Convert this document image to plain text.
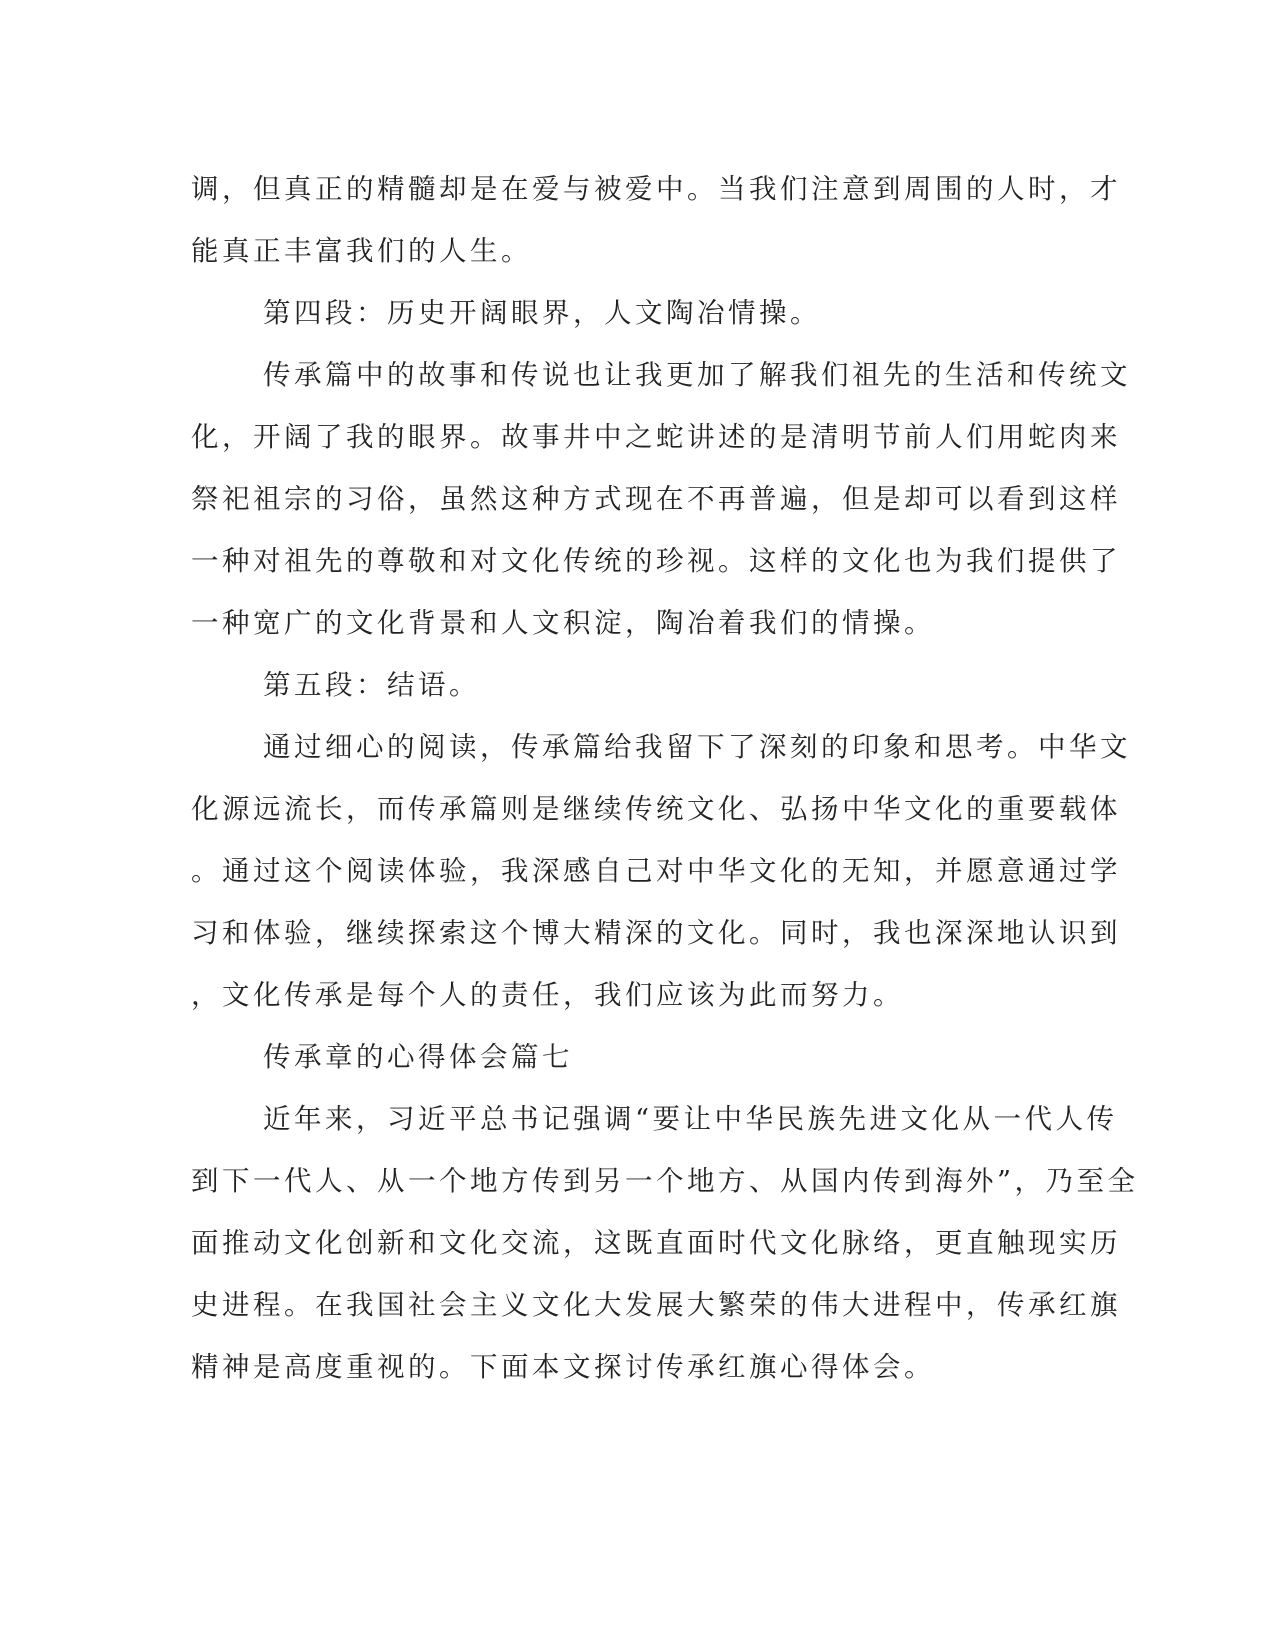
调，但真正的精髓却是在爱与被爱中。当我们注意到周围的人时，才
能真正丰富我们的人生。
第四段：历史开阔眼界，人文陶冶情操。
传承篇中的故事和传说也让我更加了解我们祖先的生活和传统文
化，开阔了我的眼界。故事井中之蛇讲述的是清明节前人们用蛇肉来
祭祀祖宗的习俗，虽然这种方式现在不再普遍，但是却可以看到这样
一种对祖先的尊敬和对文化传统的珍视。这样的文化也为我们提供了
一种宽广的文化背景和人文积淀，陶冶着我们的情操。
第五段：结语。
通过细心的阅读，传承篇给我留下了深刻的印象和思考。中华文
化源远流长，而传承篇则是继续传统文化、弘扬中华文化的重要载体
。通过这个阅读体验，我深感自己对中华文化的无知，并愿意通过学
习和体验，继续探索这个博大精深的文化。同时，我也深深地认识到
，文化传承是每个人的责任，我们应该为此而努力。
传承章的心得体会篇七
近年来，习近平总书记强调“要让中华民族先进文化从一代人传
到下一代人、从一个地方传到另一个地方、从国内传到海外”，乃至全
面推动文化创新和文化交流，这既直面时代文化脉络，更直触现实历
史进程。在我国社会主义文化大发展大繁荣的伟大进程中，传承红旗
精神是高度重视的。下面本文探讨传承红旗心得体会。
